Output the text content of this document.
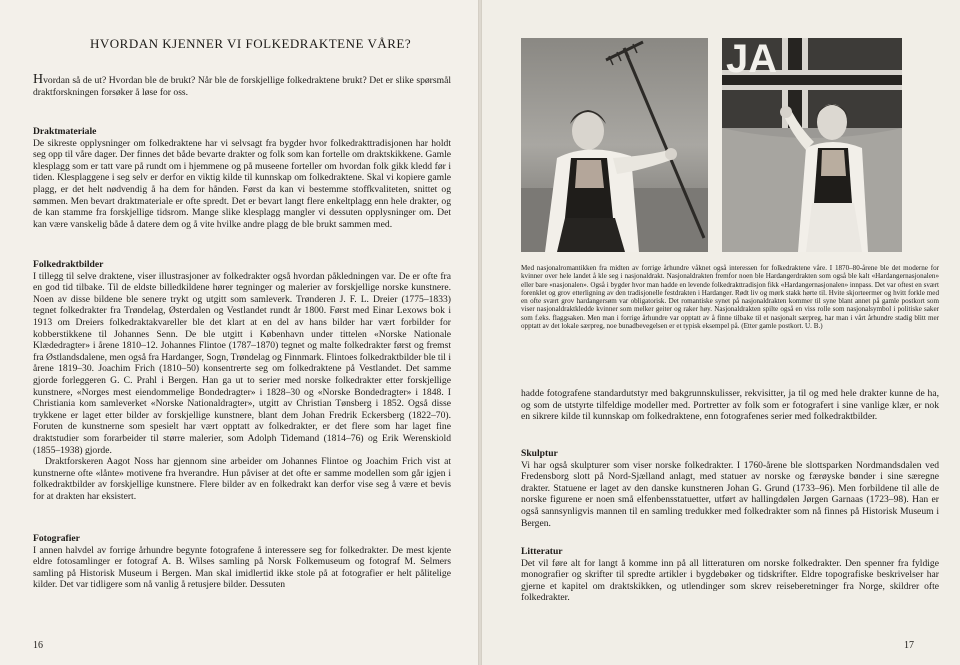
HVORDAN KJENNER VI FOLKEDRAKTENE VÅRE?

Hvordan så de ut? Hvordan ble de brukt? Når ble de forskjellige folkedraktene brukt? Det er slike spørsmål draktforskningen forsøker å løse for oss.

Draktmateriale

De sikreste opplysninger om folkedraktene har vi selvsagt fra bygder hvor folkedrakttradisjonen har holdt seg opp til våre dager. Der finnes det både bevarte drakter og folk som kan fortelle om draktskikkene. Gamle klesplagg som er tatt vare på rundt om i hjemmene og på museene forteller om hvordan folk gikk kledd før i tiden. Klesplaggene i seg selv er derfor en viktig kilde til kunnskap om folkedraktene. Skal vi kopiere gamle plagg, er det helt nødvendig å ha dem for hånden. Først da kan vi bestemme stoffkvaliteten, snittet og sømmen. Men bevart draktmateriale er ofte spredt. Det er bevart langt flere enkeltplagg enn hele drakter, og de kan stamme fra forskjellige tidsrom. Mange slike klesplagg mangler vi dessuten opplysninger om. Det kan være vanskelig både å datere dem og å vite hvilke andre plagg de ble brukt sammen med.

Folkedraktbilder

I tillegg til selve draktene, viser illustrasjoner av folkedrakter også hvordan påkledningen var. De er ofte fra en god tid tilbake. Til de eldste billedkildene hører tegninger og malerier av forskjellige norske kunstnere. Noen av disse bildene ble senere trykt og utgitt som samleverk. Trønderen J. F. L. Dreier (1775–1833) tegnet folkedrakter fra Trøndelag, Østerdalen og Vestlandet rundt år 1800. Først med Einar Lexows bok i 1913 om Dreiers folkedraktakvareller ble det klart at en del av hans bilder har vært forbilder for kobberstikkene til Johannes Senn. De ble utgitt i København under tittelen «Norske Nationale Klædedragter» i årene 1810–12. Johannes Flintoe (1787–1870) tegnet og malte folkedrakter først og fremst fra Østlandsdalene, men også fra Hardanger, Sogn, Trøndelag og Finnmark. Flintoes folkedraktbilder ble til i årene 1819–30. Joachim Frich (1810–50) konsentrerte seg om folkedraktene på Vestlandet. Det samme gjorde forleggeren G. C. Prahl i Bergen. Han ga ut to serier med norske folkedrakter etter forskjellige kunstnere, «Norges mest eiendommelige Bondedragter» i 1828–30 og «Norske Bondedragter» i 1848. I Christiania kom samleverket «Norske Nationaldragter», utgitt av Christian Tønsberg i 1852. Også disse trykkene er laget etter bilder av forskjellige kunstnere, blant dem Johan Fredrik Eckersberg (1822–70). Foruten de kunstnerne som spesielt har vært opptatt av folkedrakter, er det flere som har laget fine draktstudier som forarbeider til større malerier, som Adolph Tidemand (1814–76) og Erik Werenskiold (1855–1938) gjorde.

Draktforskeren Aagot Noss har gjennom sine arbeider om Johannes Flintoe og Joachim Frich vist at kunstnerne ofte «lånte» motivene fra hverandre. Hun påviser at det ofte er samme modellen som går igjen i folkedraktbilder av forskjellige kunstnere. Flere bilder av en folkedrakt kan derfor vise seg å være et bevis for at drakten har eksistert.

Fotografier

I annen halvdel av forrige århundre begynte fotografene å interessere seg for folkedrakter. De mest kjente eldre fotosamlinger er fotograf A. B. Wilses samling på Norsk Folkemuseum og fotograf M. Selmers samling på Historisk Museum i Bergen. Man skal imidlertid ikke stole på at fotografier er helt pålitelige kilder. Det var tidligere som nå vanlig å retusjere bilder. Dessuten

16
JA

Med nasjonalromantikken fra midten av forrige århundre våknet også interessen for folkedraktene våre. I 1870–80-årene ble det moderne for kvinner over hele landet å kle seg i nasjonaldrakt. Nasjonaldrakten fremfor noen ble Hardangerdrakten som også ble kalt «Hardangernasjonalen» eller bare «nasjonalen». Også i bygder hvor man hadde en levende folkedrakttradisjon fikk «Hardangernasjonalen» innpass. Det var oftest en svært forenklet og grov etterligning av den tradisjonelle festdrakten i Hardanger. Rødt liv og mørk stakk hørte til. Hvite skjorteermer og hvitt forkle med en ofte svært grov hardangersøm var obligatorisk. Det romantiske synet på nasjonaldrakten kommer til syne blant annet på gamle postkort som viser nasjonaldraktkledde kvinner som melker geiter og raker høy. Nasjonaldrakten spilte også en viss rolle som nasjonalsymbol i politiske saker som f.eks. flaggsaken. Men man i forrige århundre var opptatt av å finne tilbake til et nasjonalt særpreg, har man i vårt århundre stadig blitt mer opptatt av det lokale særpreg, noe bunadbevegelsen er et typisk eksempel på. (Etter gamle postkort. U. B.)

hadde fotografene standardutstyr med bakgrunnskulisser, rekvisitter, ja til og med hele drakter kunne de ha, og som de utstyrte tilfeldige modeller med. Portretter av folk som er fotografert i sine vanlige klær, er nok en sikrere kilde til kunnskap om folkedraktene, enn fotografenes serier med folkedraktbilder.

Skulptur

Vi har også skulpturer som viser norske folkedrakter. I 1760-årene ble slottsparken Nordmandsdalen ved Fredensborg slott på Nord-Sjælland anlagt, med statuer av norske og færøyske bønder i sine særegne drakter. Statuene er laget av den danske kunstneren Johan G. Grund (1733–96). Men forbildene til alle de norske figurene er noen små elfenbensstatuetter, utført av hallingdølen Jørgen Garnaas (1723–98). Han er også sannsynligvis mannen til en samling tredukker med folkedrakter som nå finnes på Historisk Museum i Bergen.

Litteratur

Det vil føre alt for langt å komme inn på all litteraturen om norske folkedrakter. Den spenner fra fyldige monografier og skrifter til spredte artikler i bygdebøker og tidskrifter. Eldre topografiske beskrivelser har gjerne et kapitel om draktskikken, og utlendinger som skrev reiseberetninger fra Norge, skildrer ofte folkedrakter.

17
